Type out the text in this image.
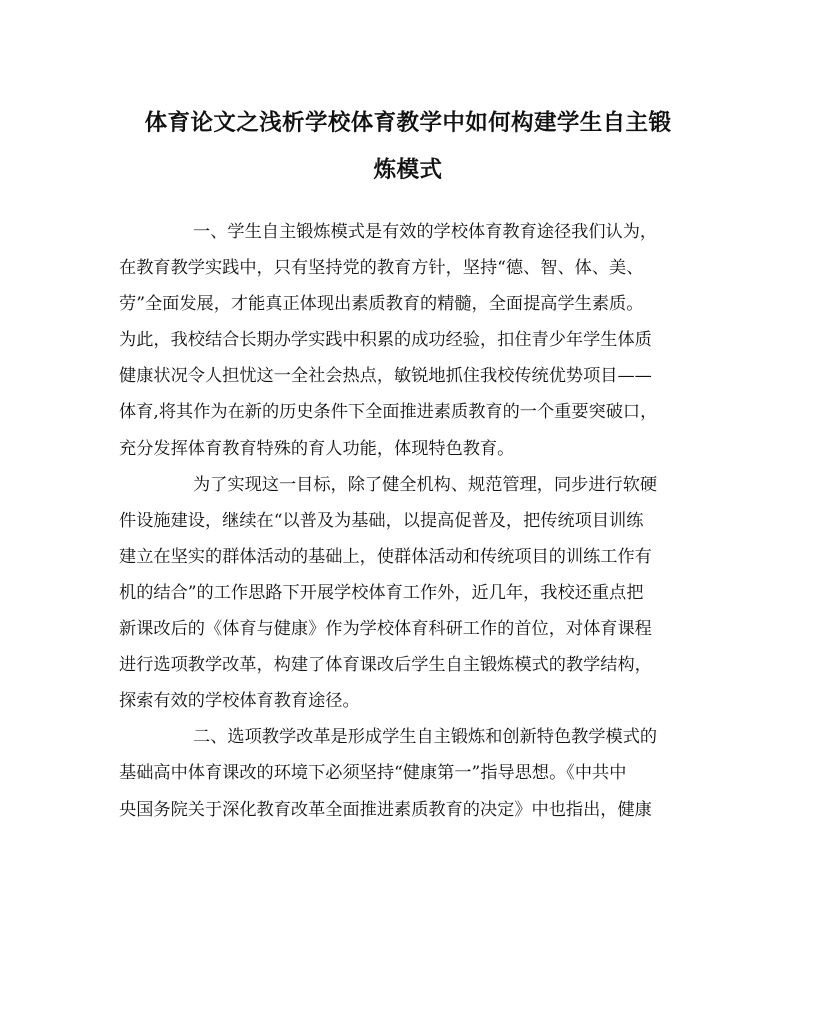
体育论文之浅析学校体育教学中如何构建学生自主锻
炼模式
一、学生自主锻炼模式是有效的学校体育教育途径我们认为，
在教育教学实践中，只有坚持党的教育方针，坚持“德、智、体、美、
劳”全面发展，才能真正体现出素质教育的精髓，全面提高学生素质。
为此，我校结合长期办学实践中积累的成功经验，扣住青少年学生体质
健康状况令人担忧这一全社会热点，敏锐地抓住我校传统优势项目——
体育,将其作为在新的历史条件下全面推进素质教育的一个重要突破口，
充分发挥体育教育特殊的育人功能，体现特色教育。
为了实现这一目标，除了健全机构、规范管理，同步进行软硬
件设施建设，继续在“以普及为基础，以提高促普及，把传统项目训练
建立在坚实的群体活动的基础上，使群体活动和传统项目的训练工作有
机的结合”的工作思路下开展学校体育工作外，近几年，我校还重点把
新课改后的《体育与健康》作为学校体育科研工作的首位，对体育课程
进行选项教学改革，构建了体育课改后学生自主锻炼模式的教学结构，
探索有效的学校体育教育途径。
二、选项教学改革是形成学生自主锻炼和创新特色教学模式的
基础高中体育课改的环境下必须坚持“健康第一”指导思想。《中共中
央国务院关于深化教育改革全面推进素质教育的决定》中也指出，健康
